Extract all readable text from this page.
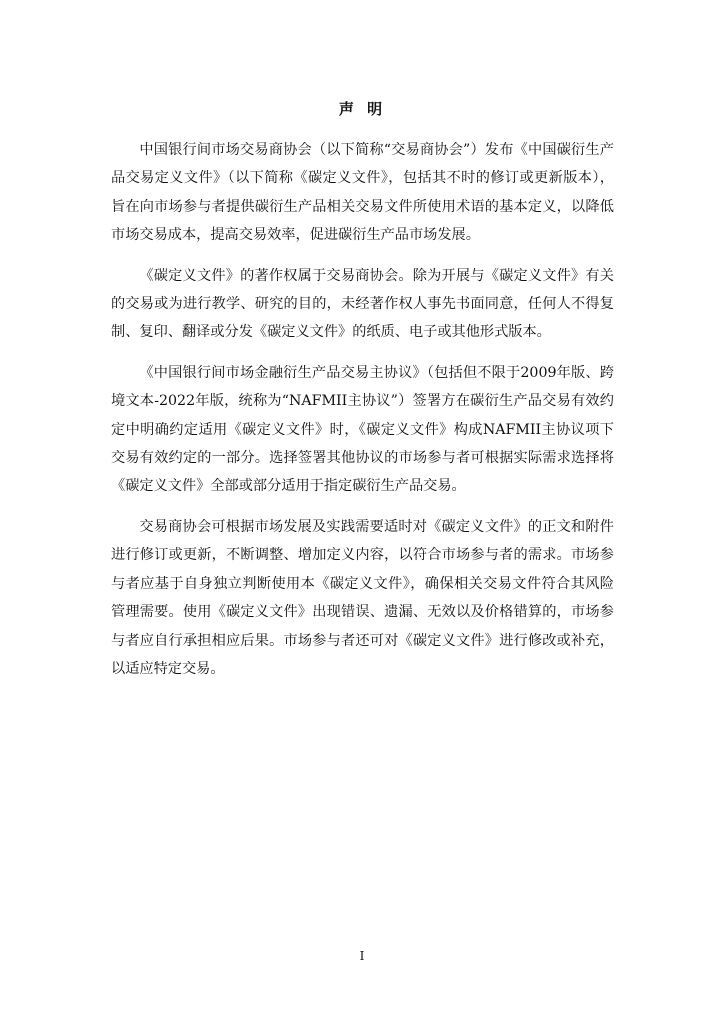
声 明

中国银行间市场交易商协会（以下简称“交易商协会”）发布《中国碳衍生产品交易定义文件》（以下简称《碳定义文件》，包括其不时的修订或更新版本），旨在向市场参与者提供碳衍生产品相关交易文件所使用术语的基本定义，以降低市场交易成本，提高交易效率，促进碳衍生产品市场发展。

《碳定义文件》的著作权属于交易商协会。除为开展与《碳定义文件》有关的交易或为进行教学、研究的目的，未经著作权人事先书面同意，任何人不得复制、复印、翻译或分发《碳定义文件》的纸质、电子或其他形式版本。

《中国银行间市场金融衍生产品交易主协议》（包括但不限于2009年版、跨境文本-2022年版，统称为“NAFMII主协议”）签署方在碳衍生产品交易有效约定中明确约定适用《碳定义文件》时，《碳定义文件》构成NAFMII主协议项下交易有效约定的一部分。选择签署其他协议的市场参与者可根据实际需求选择将《碳定义文件》全部或部分适用于指定碳衍生产品交易。

交易商协会可根据市场发展及实践需要适时对《碳定义文件》的正文和附件进行修订或更新，不断调整、增加定义内容，以符合市场参与者的需求。市场参与者应基于自身独立判断使用本《碳定义文件》，确保相关交易文件符合其风险管理需要。使用《碳定义文件》出现错误、遗漏、无效以及价格错算的，市场参与者应自行承担相应后果。市场参与者还可对《碳定义文件》进行修改或补充，以适应特定交易。

I
